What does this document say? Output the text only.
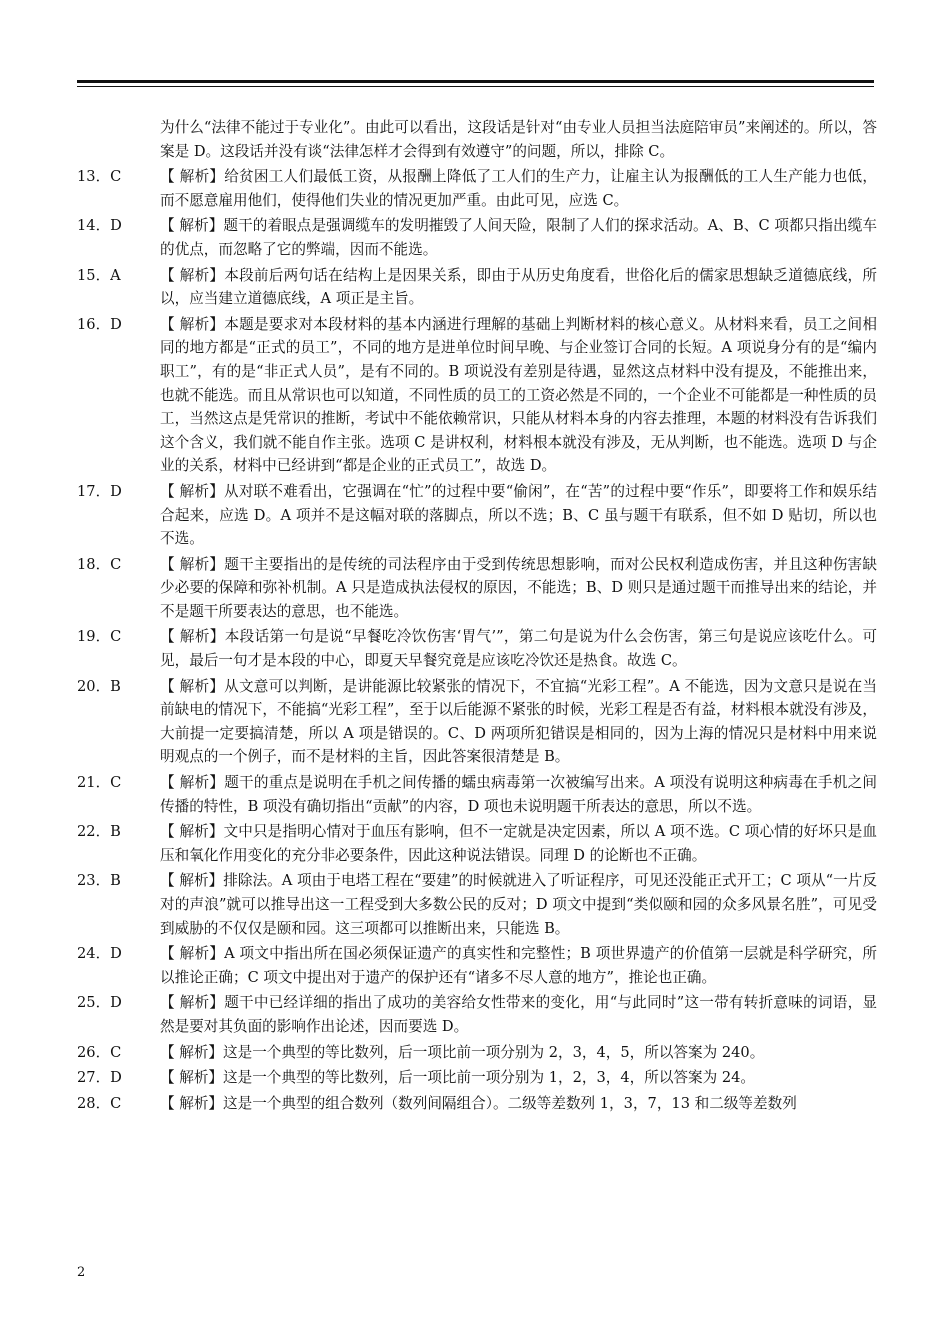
为什么“法律不能过于专业化”。由此可以看出，这段话是针对“由专业人员担当法庭陪审员”来阐述的。所以，答案是 D。这段话并没有谈“法律怎样才会得到有效遵守”的问题，所以，排除 C。
13．C	【 解析】给贫困工人们最低工资，从报酬上降低了工人们的生产力，让雇主认为报酬低的工人生产能力也低，而不愿意雇用他们，使得他们失业的情况更加严重。由此可见，应选 C。
14．D	【 解析】题干的着眼点是强调缆车的发明摧毁了人间天险，限制了人们的探求活动。A、B、C 项都只指出缆车的优点，而忽略了它的弊端，因而不能选。
15．A	【 解析】本段前后两句话在结构上是因果关系，即由于从历史角度看，世俗化后的儒家思想缺乏道德底线，所以，应当建立道德底线，A 项正是主旨。
16．D	【 解析】本题是要求对本段材料的基本内涵进行理解的基础上判断材料的核心意义。从材料来看，员工之间相同的地方都是“正式的员工”，不同的地方是进单位时间早晚、与企业签订合同的长短。A 项说身分有的是“编内职工”，有的是“非正式人员”，是有不同的。B 项说没有差别是待遇，显然这点材料中没有提及，不能推出来，也就不能选。而且从常识也可以知道，不同性质的员工的工资必然是不同的，一个企业不可能都是一种性质的员工，当然这点是凭常识的推断，考试中不能依赖常识，只能从材料本身的内容去推理，本题的材料没有告诉我们这个含义，我们就不能自作主张。选项 C 是讲权利，材料根本就没有涉及，无从判断，也不能选。选项 D 与企业的关系，材料中已经讲到“都是企业的正式员工”，故选 D。
17．D	【 解析】从对联不难看出，它强调在“忙”的过程中要“偷闲”，在“苦”的过程中要“作乐”，即要将工作和娱乐结合起来，应选 D。A 项并不是这幅对联的落脚点，所以不选；B、C 虽与题干有联系，但不如 D 贴切，所以也不选。
18．C	【 解析】题干主要指出的是传统的司法程序由于受到传统思想影响，而对公民权利造成伤害，并且这种伤害缺少必要的保障和弥补机制。A 只是造成执法侵权的原因，不能选；B、D 则只是通过题干而推导出来的结论，并不是题干所要表达的意思，也不能选。
19．C	【 解析】本段话第一句是说“早餐吃冷饮伤害‘胃气’”，第二句是说为什么会伤害，第三句是说应该吃什么。可见，最后一句才是本段的中心，即夏天早餐究竟是应该吃冷饮还是热食。故选 C。
20．B	【 解析】从文意可以判断，是讲能源比较紧张的情况下，不宜搞“光彩工程”。A 不能选，因为文意只是说在当前缺电的情况下，不能搞“光彩工程”，至于以后能源不紧张的时候，光彩工程是否有益，材料根本就没有涉及，大前提一定要搞清楚，所以 A 项是错误的。C、D 两项所犯错误是相同的，因为上海的情况只是材料中用来说明观点的一个例子，而不是材料的主旨，因此答案很清楚是 B。
21．C	【 解析】题干的重点是说明在手机之间传播的蠕虫病毒第一次被编写出来。A 项没有说明这种病毒在手机之间传播的特性，B 项没有确切指出“贡献”的内容，D 项也未说明题干所表达的意思，所以不选。
22．B	【 解析】文中只是指明心情对于血压有影响，但不一定就是决定因素，所以 A 项不选。C 项心情的好坏只是血压和氧化作用变化的充分非必要条件，因此这种说法错误。同理 D 的论断也不正确。
23．B	【 解析】排除法。A 项由于电塔工程在“要建”的时候就进入了听证程序，可见还没能正式开工；C 项从“一片反对的声浪”就可以推导出这一工程受到大多数公民的反对；D 项文中提到“类似颐和园的众多风景名胜”，可见受到威胁的不仅仅是颐和园。这三项都可以推断出来，只能选 B。
24．D	【 解析】A 项文中指出所在国必须保证遗产的真实性和完整性；B 项世界遗产的价值第一层就是科学研究，所以推论正确；C 项文中提出对于遗产的保护还有“诸多不尽人意的地方”，推论也正确。
25．D	【 解析】题干中已经详细的指出了成功的美容给女性带来的变化，用“与此同时”这一带有转折意味的词语，显然是要对其负面的影响作出论述，因而要选 D。
26．C	【 解析】这是一个典型的等比数列，后一项比前一项分别为 2，3，4，5，所以答案为 240。
27．D	【 解析】这是一个典型的等比数列，后一项比前一项分别为 1，2，3，4，所以答案为 24。
28．C	【 解析】这是一个典型的组合数列（数列间隔组合）。二级等差数列 1，3，7，13 和二级等差数列
2
